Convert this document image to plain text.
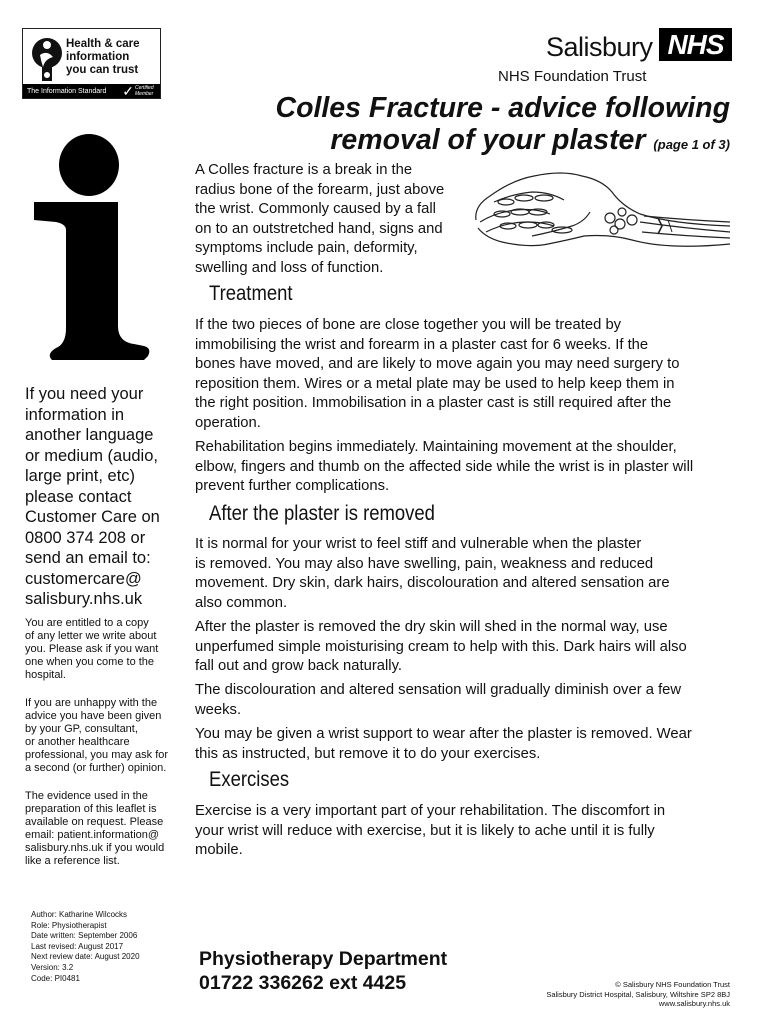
Health & care
information
you can trust
The Information Standard ✓ Certified
Member
Salisbury NHS
NHS Foundation Trust
Colles Fracture - advice following
removal of your plaster (page 1 of 3)
If you need your
information in
another language
or medium (audio,
large print, etc)
please contact
Customer Care on
0800 374 208 or
send an email to:
customercare@
salisbury.nhs.uk
You are entitled to a copy
of any letter we write about
you. Please ask if you want
one when you come to the
hospital.
If you are unhappy with the
advice you have been given
by your GP, consultant,
or another healthcare
professional, you may ask for
a second (or further) opinion.
The evidence used in the
preparation of this leaflet is
available on request. Please
email: patient.information@
salisbury.nhs.uk if you would
like a reference list.
Author: Katharine Wilcocks
Role: Physiotherapist
Date written: September 2006
Last revised: August 2017
Next review date: August 2020
Version: 3.2
Code: PI0481
A Colles fracture is a break in the
radius bone of the forearm, just above
the wrist. Commonly caused by a fall
on to an outstretched hand, signs and
symptoms include pain, deformity,
swelling and loss of function.
Treatment
If the two pieces of bone are close together you will be treated by
immobilising the wrist and forearm in a plaster cast for 6 weeks. If the
bones have moved, and are likely to move again you may need surgery to
reposition them. Wires or a metal plate may be used to help keep them in
the right position. Immobilisation in a plaster cast is still required after the
operation.
Rehabilitation begins immediately. Maintaining movement at the shoulder,
elbow, fingers and thumb on the affected side while the wrist is in plaster will
prevent further complications.
After the plaster is removed
It is normal for your wrist to feel stiff and vulnerable when the plaster
is removed. You may also have swelling, pain, weakness and reduced
movement. Dry skin, dark hairs, discolouration and altered sensation are
also common.
After the plaster is removed the dry skin will shed in the normal way, use
unperfumed simple moisturising cream to help with this. Dark hairs will also
fall out and grow back naturally.
The discolouration and altered sensation will gradually diminish over a few
weeks.
You may be given a wrist support to wear after the plaster is removed. Wear
this as instructed, but remove it to do your exercises.
Exercises
Exercise is a very important part of your rehabilitation. The discomfort in
your wrist will reduce with exercise, but it is likely to ache until it is fully
mobile.
Physiotherapy Department
01722 336262 ext 4425	© Salisbury NHS Foundation Trust
Salisbury District Hospital, Salisbury, Wiltshire SP2 8BJ
www.salisbury.nhs.uk
